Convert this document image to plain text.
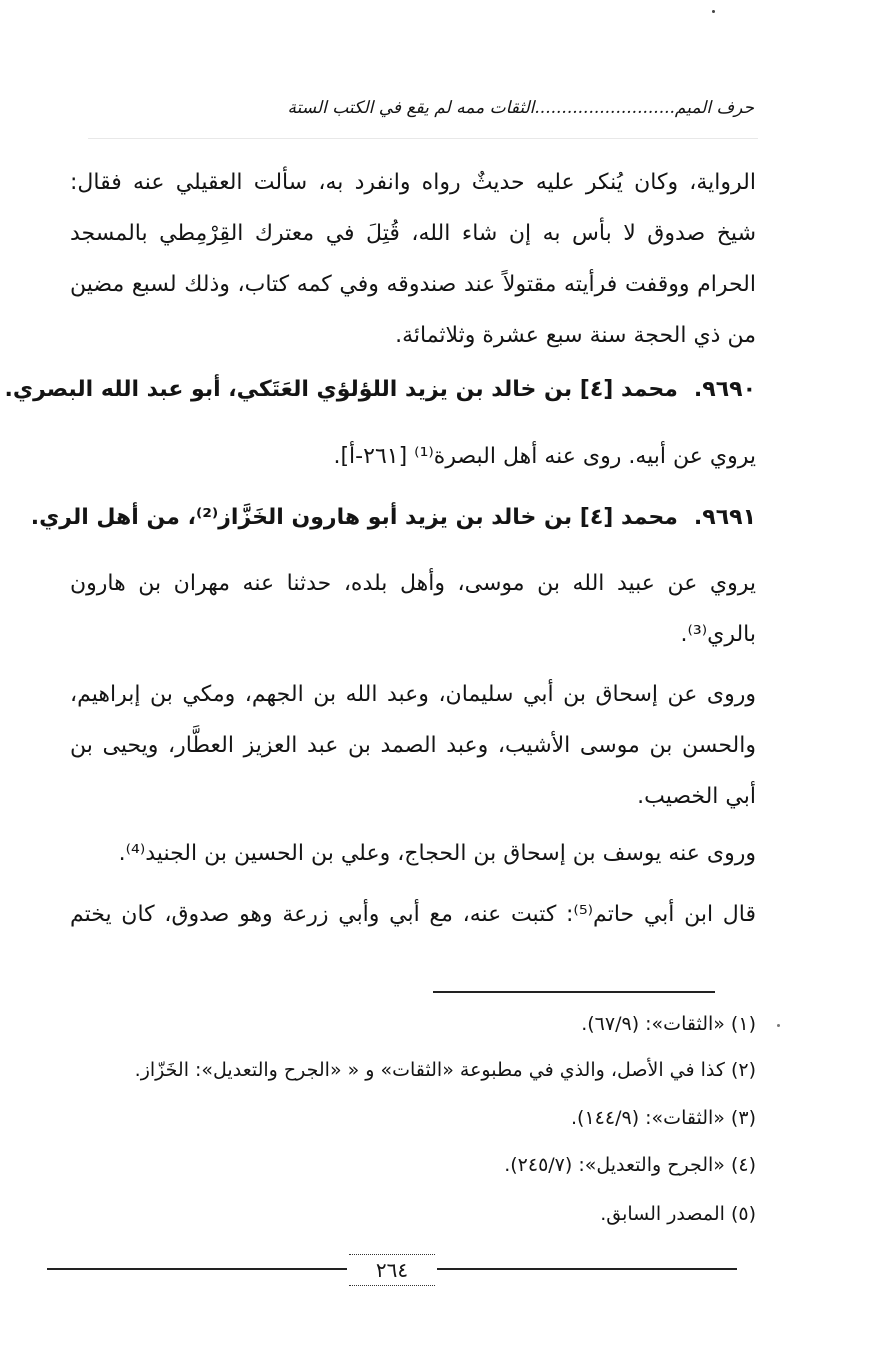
حرف الميم..........................الثقات ممه لم يقع في الكتب الستة
الرواية، وكان يُنكر عليه حديثٌ رواه وانفرد به، سألت العقيلي عنه فقال: شيخ صدوق لا بأس به إن شاء الله، قُتِلَ في معترك القِرْمِطي بالمسجد الحرام ووقفت فرأيته مقتولاً عند صندوقه وفي كمه كتاب، وذلك لسبع مضين من ذي الحجة سنة سبع عشرة وثلاثمائة.
٩٦٩٠.محمد [٤] بن خالد بن يزيد اللؤلؤي العَتَكي، أبو عبد الله البصري.
يروي عن أبيه. روى عنه أهل البصرة⁽¹⁾ [٢٦١-أ].
٩٦٩١.محمد [٤] بن خالد بن يزيد أبو هارون الخَزَّاز⁽²⁾، من أهل الري.
يروي عن عبيد الله بن موسى، وأهل بلده، حدثنا عنه مهران بن هارون بالري⁽³⁾.
وروى عن إسحاق بن أبي سليمان، وعبد الله بن الجهم، ومكي بن إبراهيم، والحسن بن موسى الأشيب، وعبد الصمد بن عبد العزيز العطَّار، ويحيى بن أبي الخصيب.
وروى عنه يوسف بن إسحاق بن الحجاج، وعلي بن الحسين بن الجنيد⁽⁴⁾.
قال ابن أبي حاتم⁽⁵⁾: كتبت عنه، مع أبي وأبي زرعة وهو صدوق، كان يختم
(١) «الثقات»: (٦٧/٩).
(٢) كذا في الأصل، والذي في مطبوعة «الثقات» و « «الجرح والتعديل»: الخَزّاز.
(٣) «الثقات»: (١٤٤/٩).
(٤) «الجرح والتعديل»: (٢٤٥/٧).
(٥) المصدر السابق.
٢٦٤
